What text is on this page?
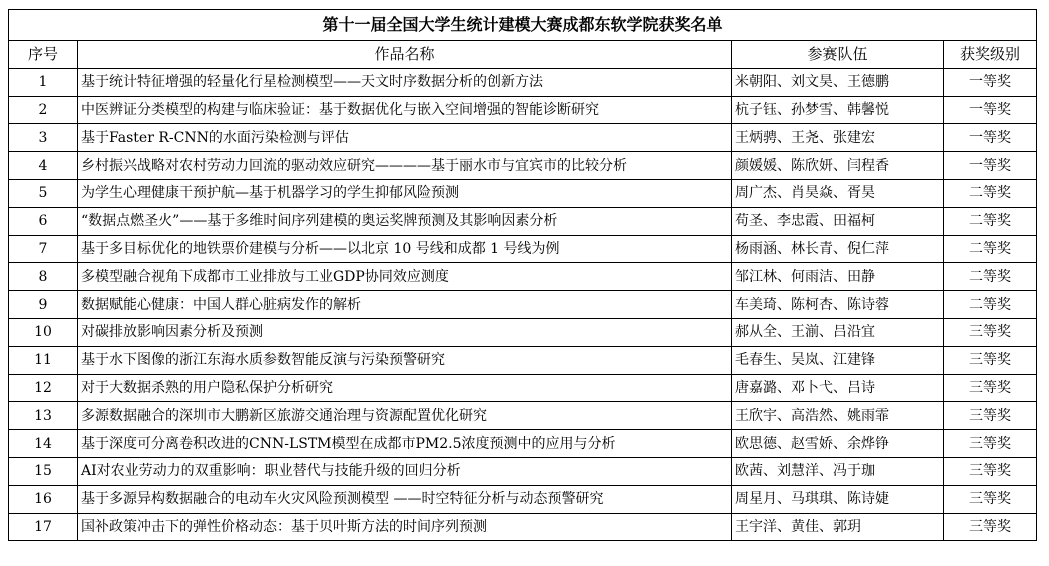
第十一届全国大学生统计建模大赛成都东软学院获奖名单			
序号	作品名称	参赛队伍	获奖级别
1	基于统计特征增强的轻量化行星检测模型——天文时序数据分析的创新方法	米朝阳、刘文昊、王德鹏	一等奖
2	中医辨证分类模型的构建与临床验证：基于数据优化与嵌入空间增强的智能诊断研究	杭子钰、孙梦雪、韩馨悦	一等奖
3	基于Faster R-CNN的水面污染检测与评估	王炳骋、王尧、张建宏	一等奖
4	乡村振兴战略对农村劳动力回流的驱动效应研究————基于丽水市与宜宾市的比较分析	颜媛媛、陈欣妍、闫程香	一等奖
5	为学生心理健康干预护航—基于机器学习的学生抑郁风险预测	周广杰、肖昊焱、胥昊	二等奖
6	“数据点燃圣火”——基于多维时间序列建模的奥运奖牌预测及其影响因素分析	苟圣、李忠霞、田福柯	二等奖
7	基于多目标优化的地铁票价建模与分析——以北京 10 号线和成都 1 号线为例	杨雨涵、林长青、倪仁萍	二等奖
8	多模型融合视角下成都市工业排放与工业GDP协同效应测度	邹江林、何雨洁、田静	二等奖
9	数据赋能心健康：中国人群心脏病发作的解析	车美琦、陈柯杏、陈诗蓉	二等奖
10	对碳排放影响因素分析及预测	郝从全、王湔、吕沿宜	三等奖
11	基于水下图像的浙江东海水质参数智能反演与污染预警研究	毛春生、吴岚、江建锋	三等奖
12	对于大数据杀熟的用户隐私保护分析研究	唐嘉潞、邓卜弋、吕诗	三等奖
13	多源数据融合的深圳市大鹏新区旅游交通治理与资源配置优化研究	王欣宇、高浩然、姚雨霏	三等奖
14	基于深度可分离卷积改进的CNN-LSTM模型在成都市PM2.5浓度预测中的应用与分析	欧思德、赵雪娇、余烨铮	三等奖
15	AI对农业劳动力的双重影响：职业替代与技能升级的回归分析	欧茜、刘慧洋、冯于珈	三等奖
16	基于多源异构数据融合的电动车火灾风险预测模型 ——时空特征分析与动态预警研究	周星月、马琪琪、陈诗婕	三等奖
17	国补政策冲击下的弹性价格动态：基于贝叶斯方法的时间序列预测	王宇洋、黄佳、郭玥	三等奖
